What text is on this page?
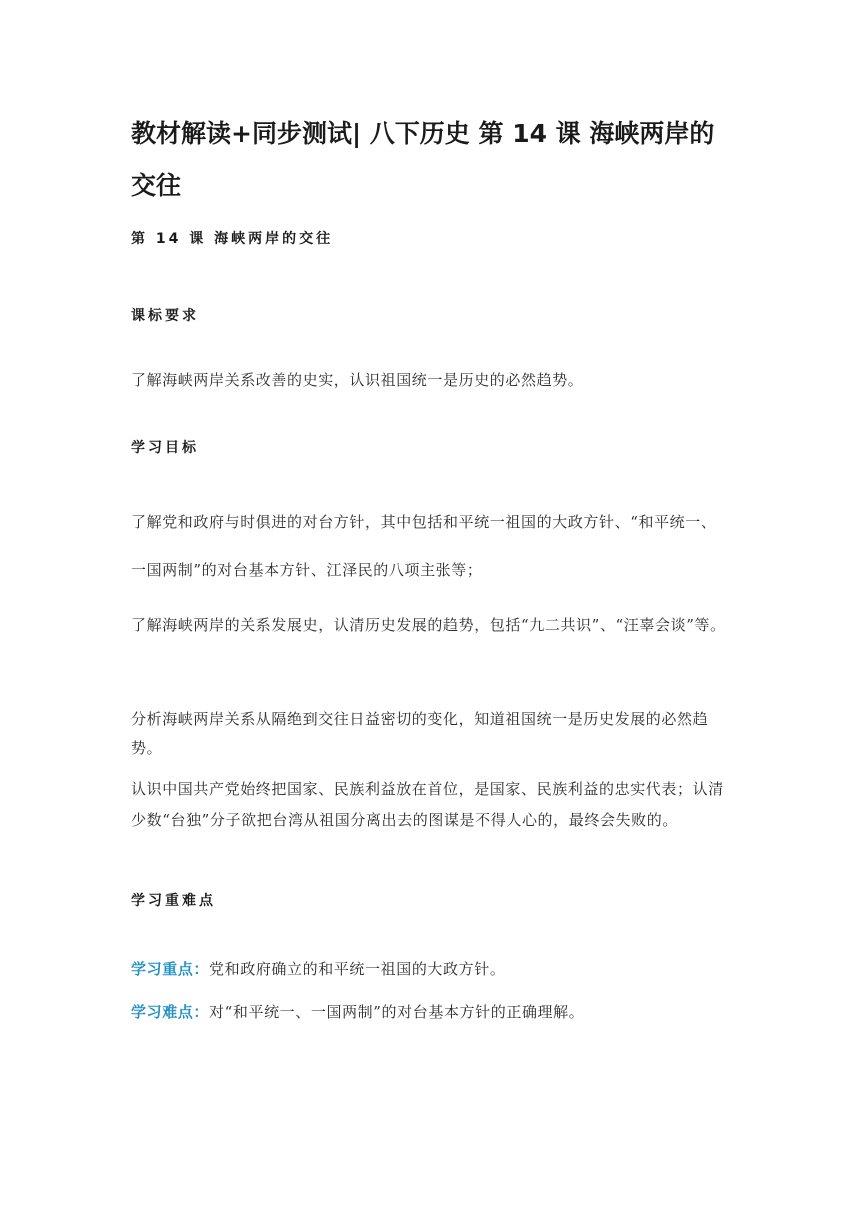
教材解读+同步测试| 八下历史 第 14 课 海峡两岸的交往
第 14 课 海峡两岸的交往
课标要求

了解海峡两岸关系改善的史实，认识祖国统一是历史的必然趋势。

学习目标

了解党和政府与时俱进的对台方针，其中包括和平统一祖国的大政方针、“和平统一、一国两制”的对台基本方针、江泽民的八项主张等；

了解海峡两岸的关系发展史，认清历史发展的趋势，包括“九二共识”、“汪辜会谈”等。

分析海峡两岸关系从隔绝到交往日益密切的变化，知道祖国统一是历史发展的必然趋势。

认识中国共产党始终把国家、民族利益放在首位，是国家、民族利益的忠实代表；认清少数“台独”分子欲把台湾从祖国分离出去的图谋是不得人心的，最终会失败的。

学习重难点

学习重点：党和政府确立的和平统一祖国的大政方针。

学习难点：对“和平统一、一国两制”的对台基本方针的正确理解。
